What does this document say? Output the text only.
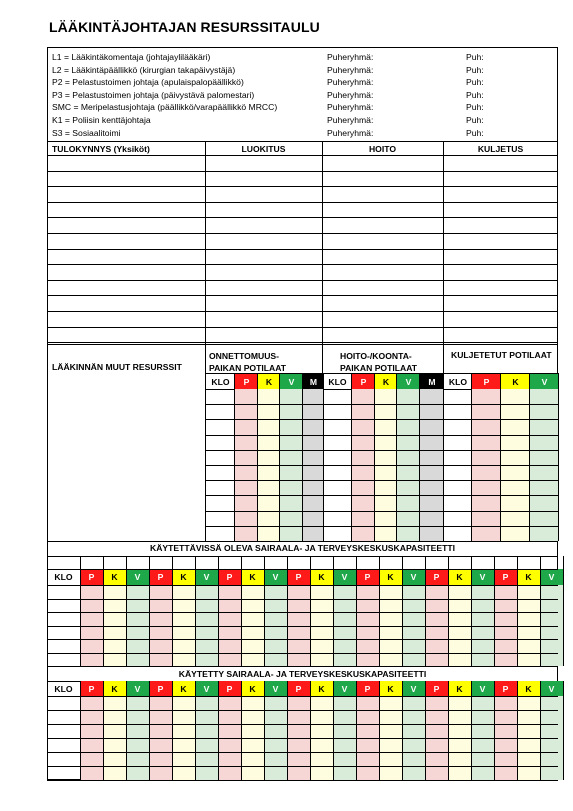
LÄÄKINTÄJOHTAJAN RESURSSITAULU
L1 = Lääkintäkomentaja (johtajaylilääkäri)	Puheryhmä:	Puh:
L2 = Lääkintäpäällikkö (kirurgian takapäivystäjä)	Puheryhmä:	Puh:
P2 = Pelastustoimen johtaja (apulaispalopäällikkö)	Puheryhmä:	Puh:
P3 = Pelastustoimen johtaja (päivystävä palomestari)	Puheryhmä:	Puh:
SMC = Meripelastusjohtaja (päällikkö/varapäällikkö MRCC)	Puheryhmä:	Puh:
K1 = Poliisin kenttäjohtaja	Puheryhmä:	Puh:
S3 = Sosiaalitoimi	Puheryhmä:	Puh:
TULOKYNNYS (Yksiköt)	LUOKITUS	HOITO	KULJETUS
LÄÄKINNÄN MUUT RESURSSIT
ONNETTOMUUS-
PAIKAN POTILAAT
HOITO-/KOONTA-
PAIKAN POTILAAT
KULJETETUT POTILAAT
KÄYTETTÄVISSÄ OLEVA SAIRAALA- JA TERVEYSKESKUSKAPASITEETTI
KÄYTETTY SAIRAALA- JA TERVEYSKESKUSKAPASITEETTI
KLO	P	K	V	M	KLO	P	K	V	M	KLO	P	K	V
KLO	P	K	V	P	K	V	P	K	V	P	K	V	P	K	V	P	K	V	P	K	V
KLO	P	K	V	P	K	V	P	K	V	P	K	V	P	K	V	P	K	V	P	K	V
